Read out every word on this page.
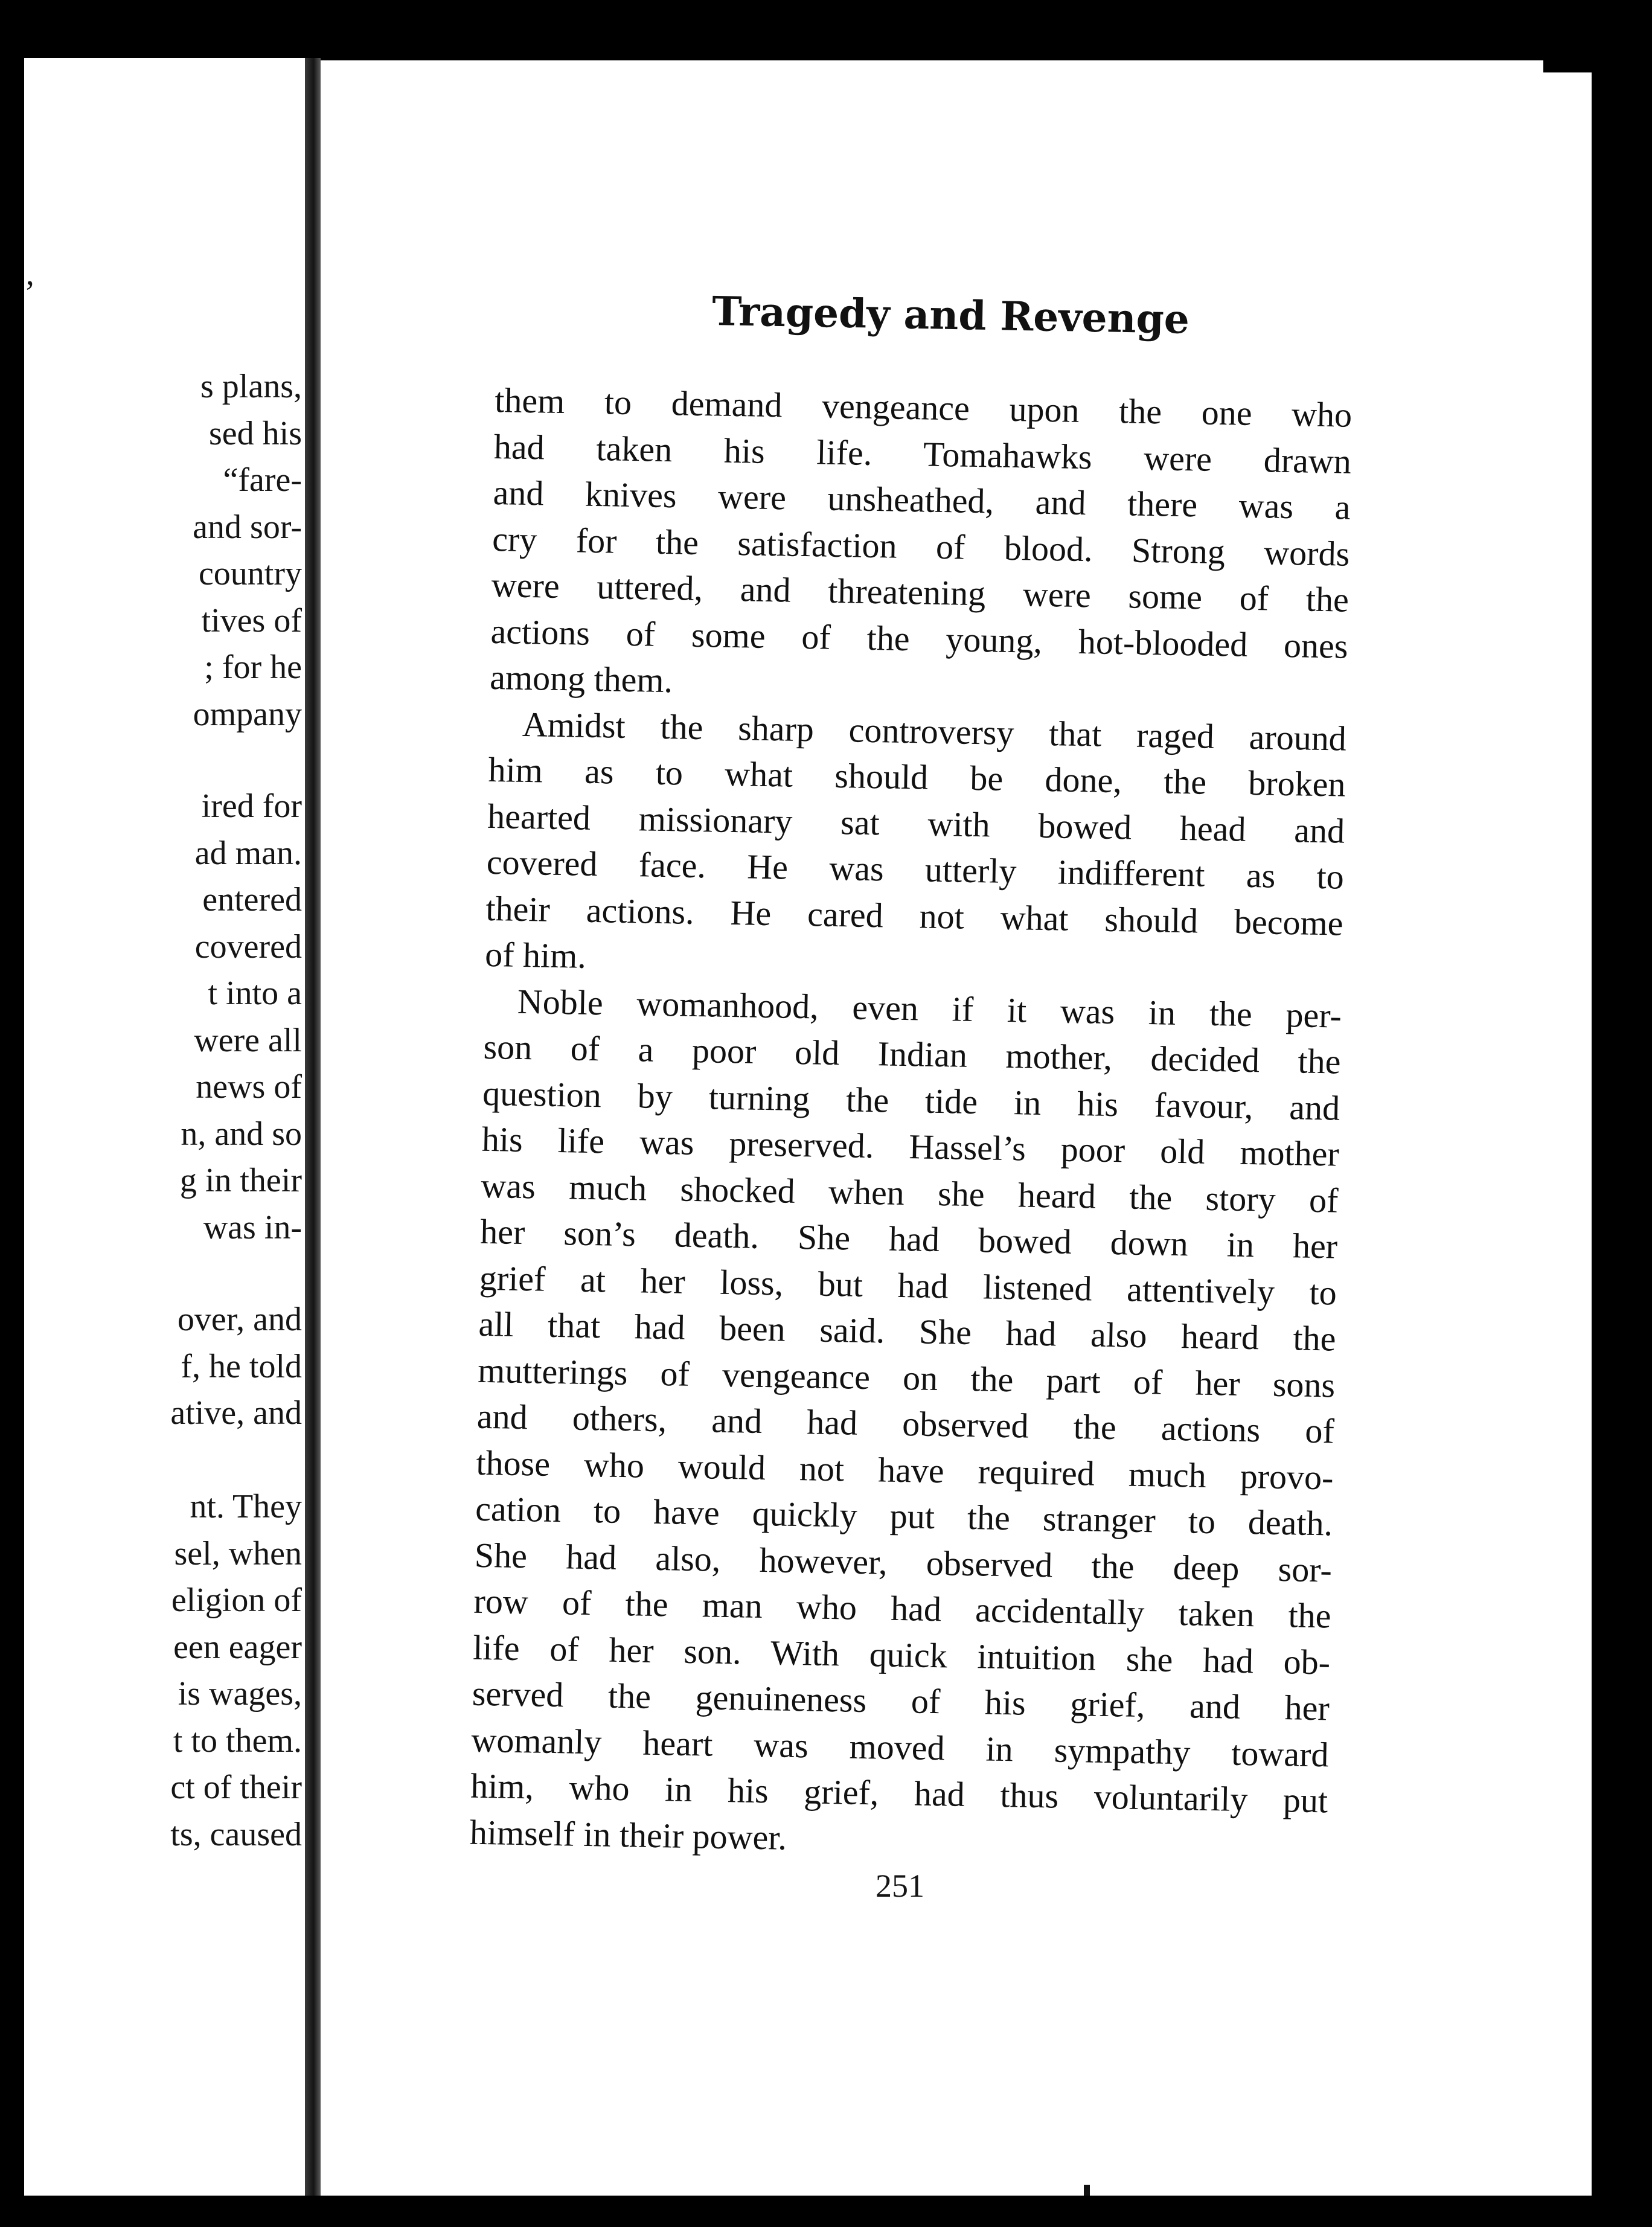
’
s plans,
sed his
“fare-
and sor-
country
tives of
; for he
ompany
ired for
ad man.
entered
covered
t into a
were all
news of
n, and so
g in their
was in-
over, and
f, he told
ative, and
nt. They
sel, when
eligion of
een eager
is wages,
t to them.
ct of their
ts, caused
Tragedy and Revenge
them to demand vengeance upon the one who
had taken his life. Tomahawks were drawn
and knives were unsheathed, and there was a
cry for the satisfaction of blood. Strong words
were uttered, and threatening were some of the
actions of some of the young, hot-blooded ones
among them.
Amidst the sharp controversy that raged around
him as to what should be done, the broken
hearted missionary sat with bowed head and
covered face. He was utterly indifferent as to
their actions. He cared not what should become
of him.
Noble womanhood, even if it was in the per-
son of a poor old Indian mother, decided the
question by turning the tide in his favour, and
his life was preserved. Hassel’s poor old mother
was much shocked when she heard the story of
her son’s death. She had bowed down in her
grief at her loss, but had listened attentively to
all that had been said. She had also heard the
mutterings of vengeance on the part of her sons
and others, and had observed the actions of
those who would not have required much provo-
cation to have quickly put the stranger to death.
She had also, however, observed the deep sor-
row of the man who had accidentally taken the
life of her son. With quick intuition she had ob-
served the genuineness of his grief, and her
womanly heart was moved in sympathy toward
him, who in his grief, had thus voluntarily put
himself in their power.
251
